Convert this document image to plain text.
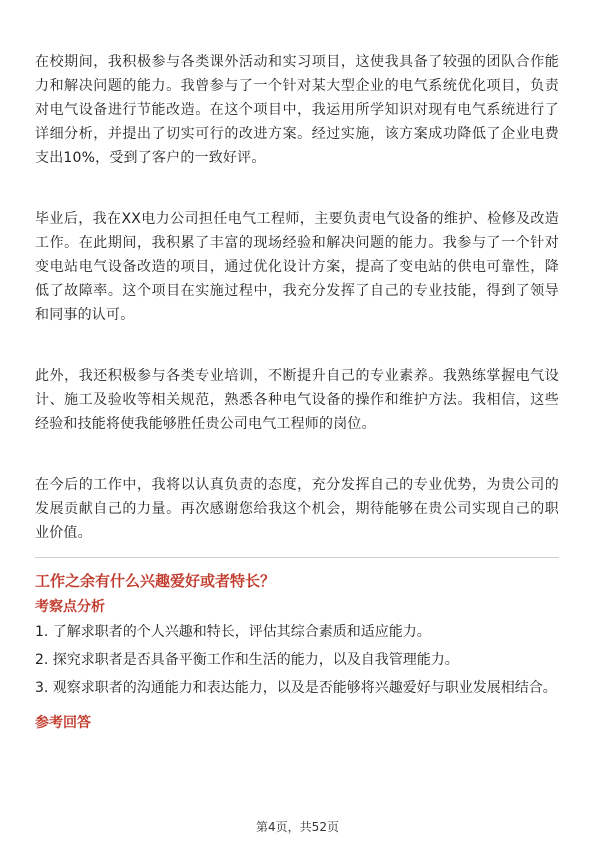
在校期间，我积极参与各类课外活动和实习项目，这使我具备了较强的团队合作能力和解决问题的能力。我曾参与了一个针对某大型企业的电气系统优化项目，负责对电气设备进行节能改造。在这个项目中，我运用所学知识对现有电气系统进行了详细分析，并提出了切实可行的改进方案。经过实施，该方案成功降低了企业电费支出10%，受到了客户的一致好评。

毕业后，我在XX电力公司担任电气工程师，主要负责电气设备的维护、检修及改造工作。在此期间，我积累了丰富的现场经验和解决问题的能力。我参与了一个针对变电站电气设备改造的项目，通过优化设计方案，提高了变电站的供电可靠性，降低了故障率。这个项目在实施过程中，我充分发挥了自己的专业技能，得到了领导和同事的认可。

此外，我还积极参与各类专业培训，不断提升自己的专业素养。我熟练掌握电气设计、施工及验收等相关规范，熟悉各种电气设备的操作和维护方法。我相信，这些经验和技能将使我能够胜任贵公司电气工程师的岗位。

在今后的工作中，我将以认真负责的态度，充分发挥自己的专业优势，为贵公司的发展贡献自己的力量。再次感谢您给我这个机会，期待能够在贵公司实现自己的职业价值。

工作之余有什么兴趣爱好或者特长？
考察点分析

1. 了解求职者的个人兴趣和特长，评估其综合素质和适应能力。

2. 探究求职者是否具备平衡工作和生活的能力，以及自我管理能力。

3. 观察求职者的沟通能力和表达能力，以及是否能够将兴趣爱好与职业发展相结合。

参考回答
第4页，共52页
